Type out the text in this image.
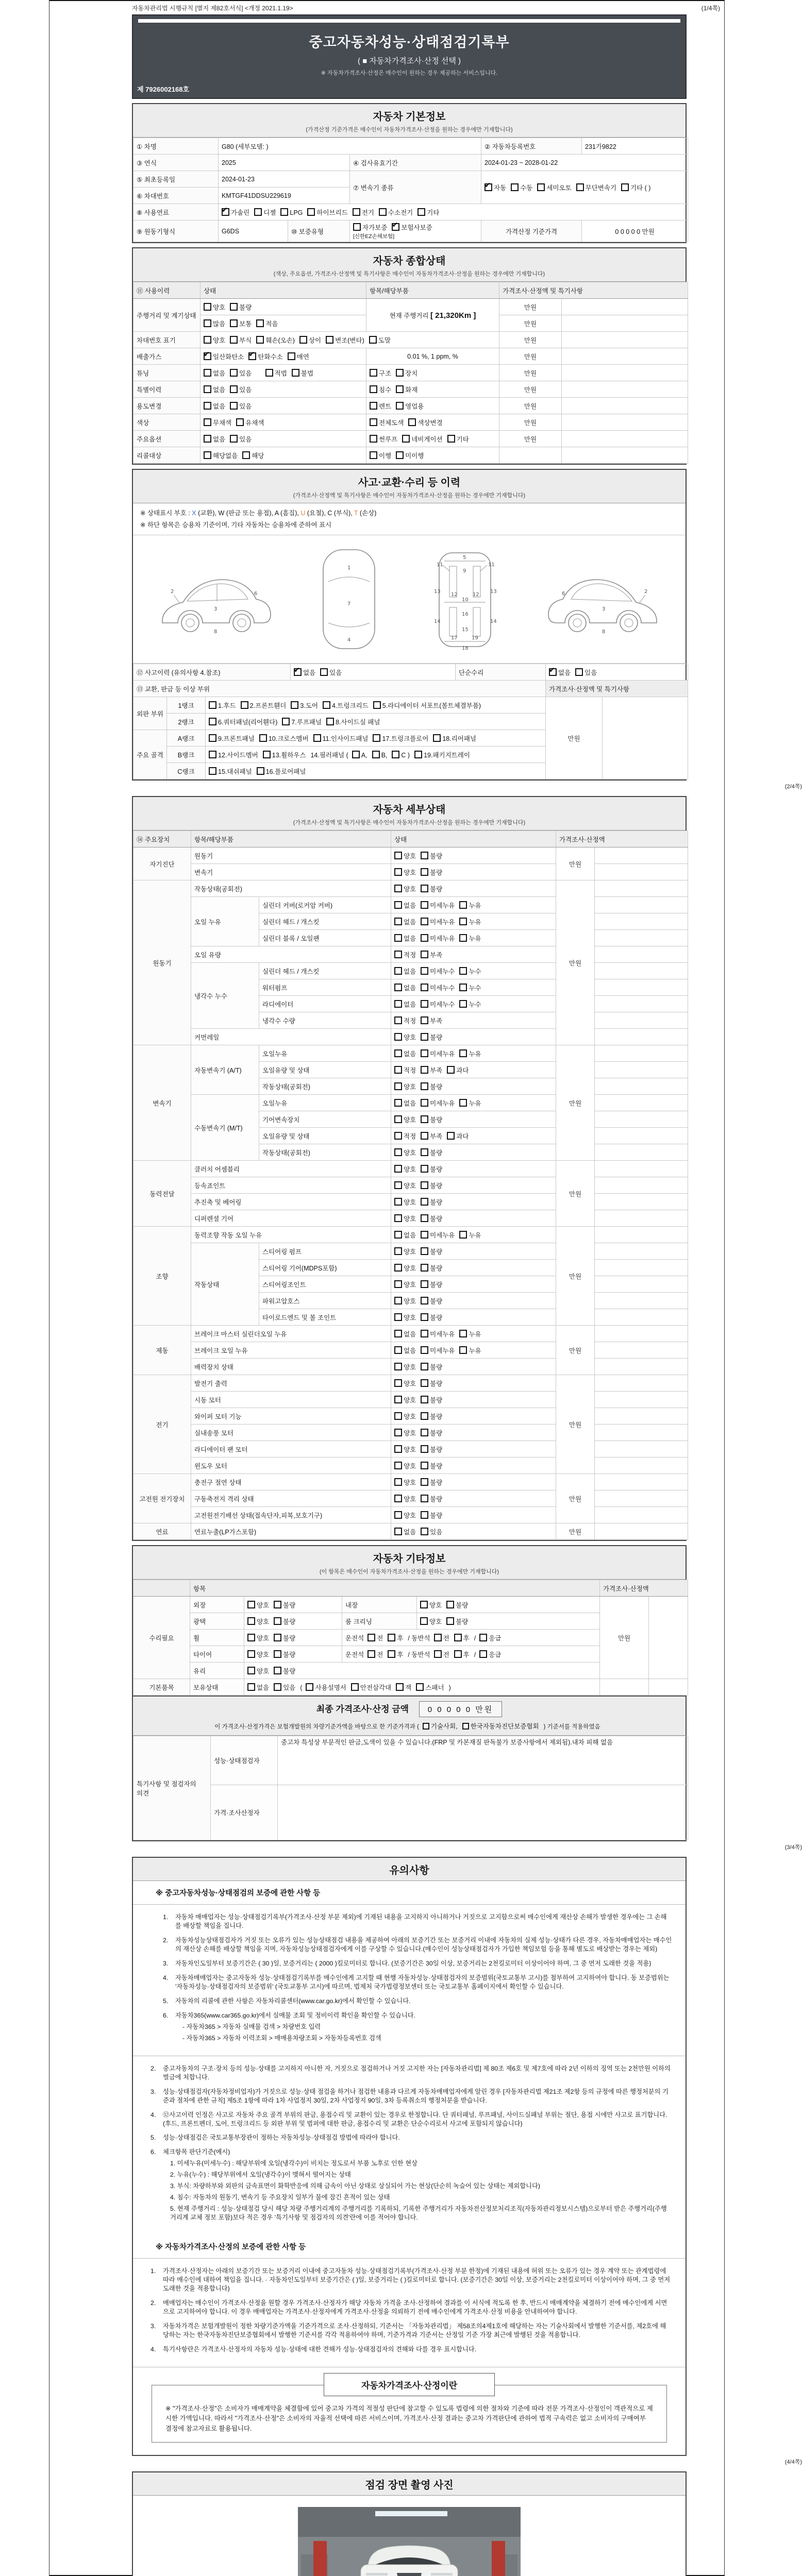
자동차관리법 시행규칙 [별지 제82호서식] <개정 2021.1.19>	(1/4쪽)
중고자동차성능·상태점검기록부
( ■ 자동차가격조사·산정 선택 )
※ 자동차가격조사·산정은 매수인이 원하는 경우 제공하는 서비스입니다.
제 7926002168호
자동차 기본정보
(가격산정 기준가격은 매수인이 자동차가격조사·산정을 원하는 경우에만 기재합니다)
① 차명	G80 (세부모델: )			② 자동차등록번호	231가9822
③ 연식	2025		④ 검사유효기간	2024-01-23 ~ 2028-01-22	
⑤ 최초등록일	2024-01-23		⑦ 변속기 종류	✔자동 수동 세미오토 무단변속기 기타 ( )
⑥ 차대번호	KMTGF41DDSU229619				
⑧ 사용연료	✔가솔린 디젤 LPG 하이브리드 전기 수소전기 기타
⑨ 원동기형식	G6DS	⑩ 보증유형	자가보증 ✔ 보험사보증[신한EZ손해보험]	가격산정 기준가격	0 0 0 0 0 만원
자동차 종합상태
(색상, 주요옵션, 가격조사·산정액 및 특기사항은 매수인이 자동차가격조사·산정을 원하는 경우에만 기재합니다)
⑪ 사용이력	상태	항목/해당부품	가격조사·산정액 및 특기사항	
주행거리 및 계기상태	양호 불량	현재 주행거리 [ 21,320Km ]	만원	
	많음 보통 적음		만원	
차대번호 표기	양호 부식 훼손(오손) 상이 변조(변타) 도말		만원	
배출가스	✔일산화탄소 ✔ 탄화수소 매연	0.01 %, 1 ppm, %	만원	
튜닝	없음 있음 적법 불법	구조 장치	만원	
특별이력	없음 있음	침수 화재	만원	
용도변경	없음 있음	렌트 영업용	만원	
색상	무채색 유채색	전체도색 색상변경	만원	
주요옵션	없음 있음	썬루프 네비게이션 기타	만원	
리콜대상	해당없음 해당	이행 미이행		
사고·교환·수리 등 이력
(가격조사·산정액 및 특기사항은 매수인이 자동차가격조사·산정을 원하는 경우에만 기재합니다)
※ 상태표시 부호 : X (교환), W (판금 또는 용접), A (흠집), U (요철), C (부식), T (손상)
※ 하단 항목은 승용차 기준이며, 기타 자동차는 승용차에 준하여 표시
2
3
6
8
1
7
4
5
9
11	11
13	13
12	12
10
16
14	14
15
17	19
18
2
3
6
8
⑫ 사고이력 (유의사항 4.참조)	✔없음 있음	단순수리	✔없음 있음
⑬ 교환, 판금 등 이상 부위			가격조사·산정액 및 특기사항
외판 부위	1랭크	1.후드 2.프론트휀더 3.도어 4.트렁크리드 5.라디에이터 서포트(볼트체결부품)	만원	
	2랭크	6.쿼터패널(리어휀다) 7.루프패널 8.사이드실 패널		
주요 골격	A랭크	9.프론트패널 10.크로스멤버 11.인사이드패널 17.트렁크플로어 18.리어패널		
	B랭크	12.사이드멤버 13.휠하우스 14.필러패널 ( A, B, C ) 19.패키지트레이		
	C랭크	15.대쉬패널 16.플로어패널		
(2/4쪽)
자동차 세부상태
(가격조사·산정액 및 특기사항은 매수인이 자동차가격조사·산정을 원하는 경우에만 기재합니다)
⑭ 주요장치	항목/해당부품		상태	가격조사·산정액	
자기진단	원동기		양호 불량	만원	
	변속기		양호 불량		
원동기	작동상태(공회전)		양호 불량	만원	
	오일 누유	실린더 커버(로커암 커버)	없음 미세누유 누유		
		실린더 헤드 / 개스킷	없음 미세누유 누유		
		실린더 블록 / 오일팬	없음 미세누유 누유		
	오일 유량		적정 부족		
	냉각수 누수	실린더 헤드 / 개스킷	없음 미세누수 누수		
		워터펌프	없음 미세누수 누수		
		라디에이터	없음 미세누수 누수		
		냉각수 수량	적정 부족		
	커먼레일		양호 불량		
변속기	자동변속기 (A/T)	오일누유	없음 미세누유 누유	만원	
		오일유량 및 상태	적정 부족 과다		
		작동상태(공회전)	양호 불량		
	수동변속기 (M/T)	오일누유	없음 미세누유 누유		
		기어변속장치	양호 불량		
		오일유량 및 상태	적정 부족 과다		
		작동상태(공회전)	양호 불량		
동력전달	클러치 어셈블리		양호 불량	만원	
	등속죠인트		양호 불량		
	추진축 및 베어링		양호 불량		
	디퍼렌셜 기어		양호 불량		
조향	동력조향 작동 오일 누유		없음 미세누유 누유	만원	
	작동상태	스티어링 펌프	양호 불량		
		스티어링 기어(MDPS포함)	양호 불량		
		스티어링조인트	양호 불량		
		파워고압호스	양호 불량		
		타이로드엔드 및 볼 조인트	양호 불량		
제동	브레이크 마스터 실린더오일 누유		없음 미세누유 누유	만원	
	브레이크 오일 누유		없음 미세누유 누유		
	배력장치 상태		양호 불량		
전기	발전기 출력		양호 불량	만원	
	시동 모터		양호 불량		
	와이퍼 모터 기능		양호 불량		
	실내송풍 모터		양호 불량		
	라디에이터 팬 모터		양호 불량		
	윈도우 모터		양호 불량		
고전원 전기장치	충전구 절연 상태		양호 불량	만원	
	구동축전지 격리 상태		양호 불량		
	고전원전기배선 상태(접속단자,피복,보호기구)		양호 불량		
연료	연료누출(LP가스포함)		없음 있음	만원	
자동차 기타정보
(이 항목은 매수인이 자동차가격조사·산정을 원하는 경우에만 기재합니다)
	항목				가격조사·산정액	
수리필요	외장	양호 불량	내장	양호 불량	만원	
	광택	양호 불량	룸 크리닝	양호 불량		
	휠	양호 불량	운전석 전 후 / 동반석 전 후 / 응급			
	타이어	양호 불량	운전석 전 후 / 동반석 전 후 / 응급			
	유리	양호 불량				
기본품목	보유상태	없음 있음 ( 사용설명서 안전삼각대 잭 스패너 )				
최종 가격조사·산정 금액 0 0 0 0 0 만원
이 가격조사·산정가격은 보험개발원의 차량기준가액을 바탕으로 한 기준가격과 ( 기술사회, 한국자동차진단보증협회 ) 기준서를 적용하였음
특기사항 및 점검자의 의견	성능·상태점검자	중고차 특성상 부분적인 판금,도색이 있을 수 있습니다.(FRP 및 카본재질 판독불가 보증사항에서 제외됨).내차 피해 없음
	가격·조사산정자	
(3/4쪽)
유의사항
※ 중고자동차성능·상태점검의 보증에 관한 사항 등
1.	자동차 매매업자는 성능·상태점검기록부(가격조사·산정 부분 제외)에 기재된 내용을 고지하지 아니하거나 거짓으로 고지함으로써 매수인에게 재산상 손해가 발생한 경우에는 그 손해를 배상할 책임을 집니다.
2.	자동차성능상태점검자가 거짓 또는 오류가 있는 성능상태점검 내용을 제공하여 아래의 보증기간 또는 보증거리 이내에 자동차의 실제 성능·상태가 다른 경우, 자동차매매업자는 매수인의 재산상 손해를 배상할 책임을 지며, 자동차성능상태점검자에게 이를 구상할 수 있습니다.(매수인이 성능상태점검자가 가입한 책임보험 등을 통해 별도로 배상받는 경우는 제외)
3.	자동차인도일부터 보증기간은 ( 30 )일, 보증거리는 ( 2000 )킬로미터로 합니다. (보증기간은 30일 이상, 보증거리는 2천킬로미터 이상이어야 하며, 그 중 먼저 도래한 것을 적용)
4.	자동차매매업자는 중고자동차 성능·상태점검기록부를 매수인에게 고지할 때 현행 자동차성능·상태점검자의 보증범위(국토교통부 고시)를 첨부하여 고지하여야 합니다. 동 보증범위는 '자동차성능·상태점검자의 보증범위' (국토교통부 고시)에 따르며, 법제처 국가법령정보센터 또는 국토교통부 홈페이지에서 확인할 수 있습니다.
5.	자동차의 리콜에 관한 사항은 자동차리콜센터(www.car.go.kr)에서 확인할 수 있습니다.
6.	자동차365(www.car365.go.kr)에서 실매물 조회 및 정비이력 확인을 확인할 수 있습니다.
- 자동차365 > 자동차 실매물 검색 > 차량번호 입력
- 자동차365 > 자동차 이력조회 > 매매용차량조회 > 자동차등록번호 검색
2.	중고자동차의 구조·장치 등의 성능·상태를 고지하지 아니한 자, 거짓으로 점검하거나 거짓 고지한 자는 [자동차관리법] 제 80조 제6호 및 제7호에 따라 2년 이하의 징역 또는 2천만원 이하의 벌금에 처합니다.
3.	성능·상태점검자(자동차정비업자)가 거짓으로 성능·상태 점검을 하거나 점검한 내용과 다르게 자동차매매업자에게 알린 경우 [자동차관리법 제21조 제2항 등의 규정에 따른 행정처분의 기준과 절차에 관한 규칙] 제5조 1항에 따라 1차 사업정지 30일, 2차 사업정지 90일, 3차 등록취소의 행정처분을 받습니다.
4.	⑫사고이력 인정은 사고로 자동차 주요 골격 부위의 판금, 용접수리 및 교환이 있는 경우로 한정합니다. 단 쿼터패널, 루프패널, 사이드실패널 부위는 절단, 용접 시에만 사고로 표기합니다. (후드, 프론트펜더, 도어, 트렁크리드 등 외판 부위 및 범퍼에 대한 판금, 용접수리 및 교환은 단순수리로서 사고에 포함되지 않습니다)
5.	성능·상태점검은 국토교통부장관이 정하는 자동차성능·상태점검 방법에 따라야 합니다.
6.	체크항목 판단기준(예시)
1. 미세누유(미세누수) : 해당부위에 오일(냉각수)이 비치는 정도로서 부품 노후로 인한 현상
2. 누유(누수) : 해당부위에서 오일(냉각수)이 맺혀서 떨어지는 상태
3. 부식: 차량하부와 외판의 금속표면이 화학반응에 의해 금속이 아닌 상태로 상실되어 가는 현상(단순히 녹슬어 있는 상태는 제외합니다)
4. 침수: 자동차의 원동기, 변속기 등 주요장치 일부가 물에 잠긴 흔적이 있는 상태
5. 현재 주행거리 : 성능·상태점검 당시 해당 차량 주행거리계의 주행거리를 기록하되, 기록한 주행거리가 자동차전산정보처리조직(자동차관리정보시스템)으로부터 받은 주행거리(주행거리계 교체 정보 포함)보다 적은 경우 '특기사항 및 점검자의 의견'란에 이를 적어야 합니다.
※ 자동차가격조사·산정의 보증에 관한 사항 등
1.	가격조사·산정자는 아래의 보증기간 또는 보증거리 이내에 중고자동차 성능·상태점검기록부(가격조사·산정 부분 한정)에 기재된 내용에 허위 또는 오류가 있는 경우 계약 또는 관계법령에 따라 매수인에 대하여 책임을 집니다. · 자동차인도일부터 보증기간은 ( )일, 보증거리는 ( )킬로미터로 합니다. (보증기간은 30일 이상, 보증거리는 2천킬로미터 이상이어야 하며, 그 중 먼저 도래한 것을 적용합니다)
2.	매매업자는 매수인이 가격조사·산정을 원할 경우 가격조사·산정자가 해당 자동차 가격을 조사·산정하여 결과를 이 서식에 적도록 한 후, 반드시 매매계약을 체결하기 전에 매수인에게 서면으로 고지하여야 합니다. 이 경우 매매업자는 가격조사·산정자에게 가격조사·산정을 의뢰하기 전에 매수인에게 가격조사·산정 비용을 안내하여야 합니다.
3.	자동차가격은 보험개발원이 정한 차량기준가액을 기준가격으로 조사·산정하되, 기준서는 「자동차관리법」 제58조의4제1호에 해당하는 자는 기술사회에서 발행한 기준서를, 제2호에 해당하는 자는 한국자동차진단보증협회에서 발행한 기준서를 각각 적용하여야 하며, 기준가격과 기준서는 산정일 기준 가장 최근에 발행된 것을 적용합니다.
4.	특기사항란은 가격조사·산정자의 자동차 성능·상태에 대한 견해가 성능·상태점검자의 견해와 다를 경우 표시합니다.
자동차가격조사·산정이란
※ "가격조사·산정"은 소비자가 매매계약을 체결함에 있어 중고차 가격의 적절성 판단에 참고할 수 있도록 법령에 의한 절차와 기준에 따라 전문 가격조사·산정인이 객관적으로 제시한 가액입니다. 따라서 "가격조사·산정"은 소비자의 자율적 선택에 따른 서비스이며, 가격조사·산정 결과는 중고차 가격판단에 관하여 법적 구속력은 없고 소비자의 구매여부 결정에 참고자료로 활용됩니다.
(4/4쪽)
점검 장면 촬영 사진
